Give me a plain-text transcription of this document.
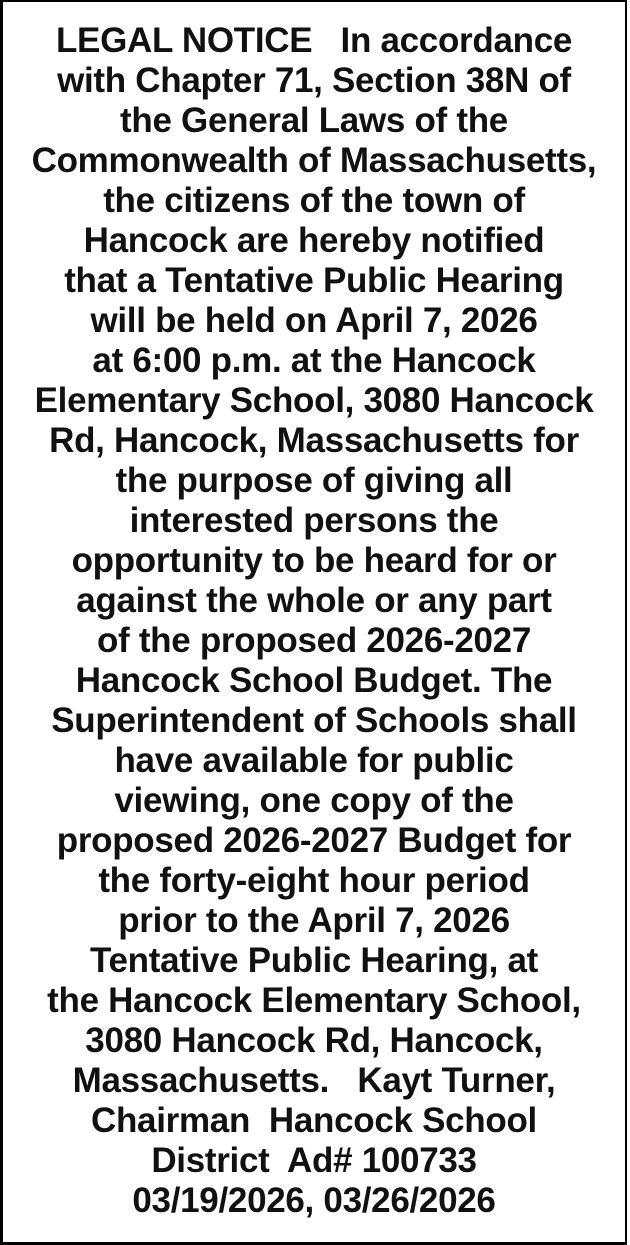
LEGAL NOTICE   In accordance
with Chapter 71, Section 38N of
the General Laws of the
Commonwealth of Massachusetts,
the citizens of the town of
Hancock are hereby notified
that a Tentative Public Hearing
will be held on April 7, 2026
at 6:00 p.m. at the Hancock
Elementary School, 3080 Hancock
Rd, Hancock, Massachusetts for
the purpose of giving all
interested persons the
opportunity to be heard for or
against the whole or any part
of the proposed 2026-2027
Hancock School Budget. The
Superintendent of Schools shall
have available for public
viewing, one copy of the
proposed 2026-2027 Budget for
the forty-eight hour period
prior to the April 7, 2026
Tentative Public Hearing, at
the Hancock Elementary School,
3080 Hancock Rd, Hancock,
Massachusetts.   Kayt Turner,
Chairman  Hancock School
District  Ad# 100733
03/19/2026, 03/26/2026
